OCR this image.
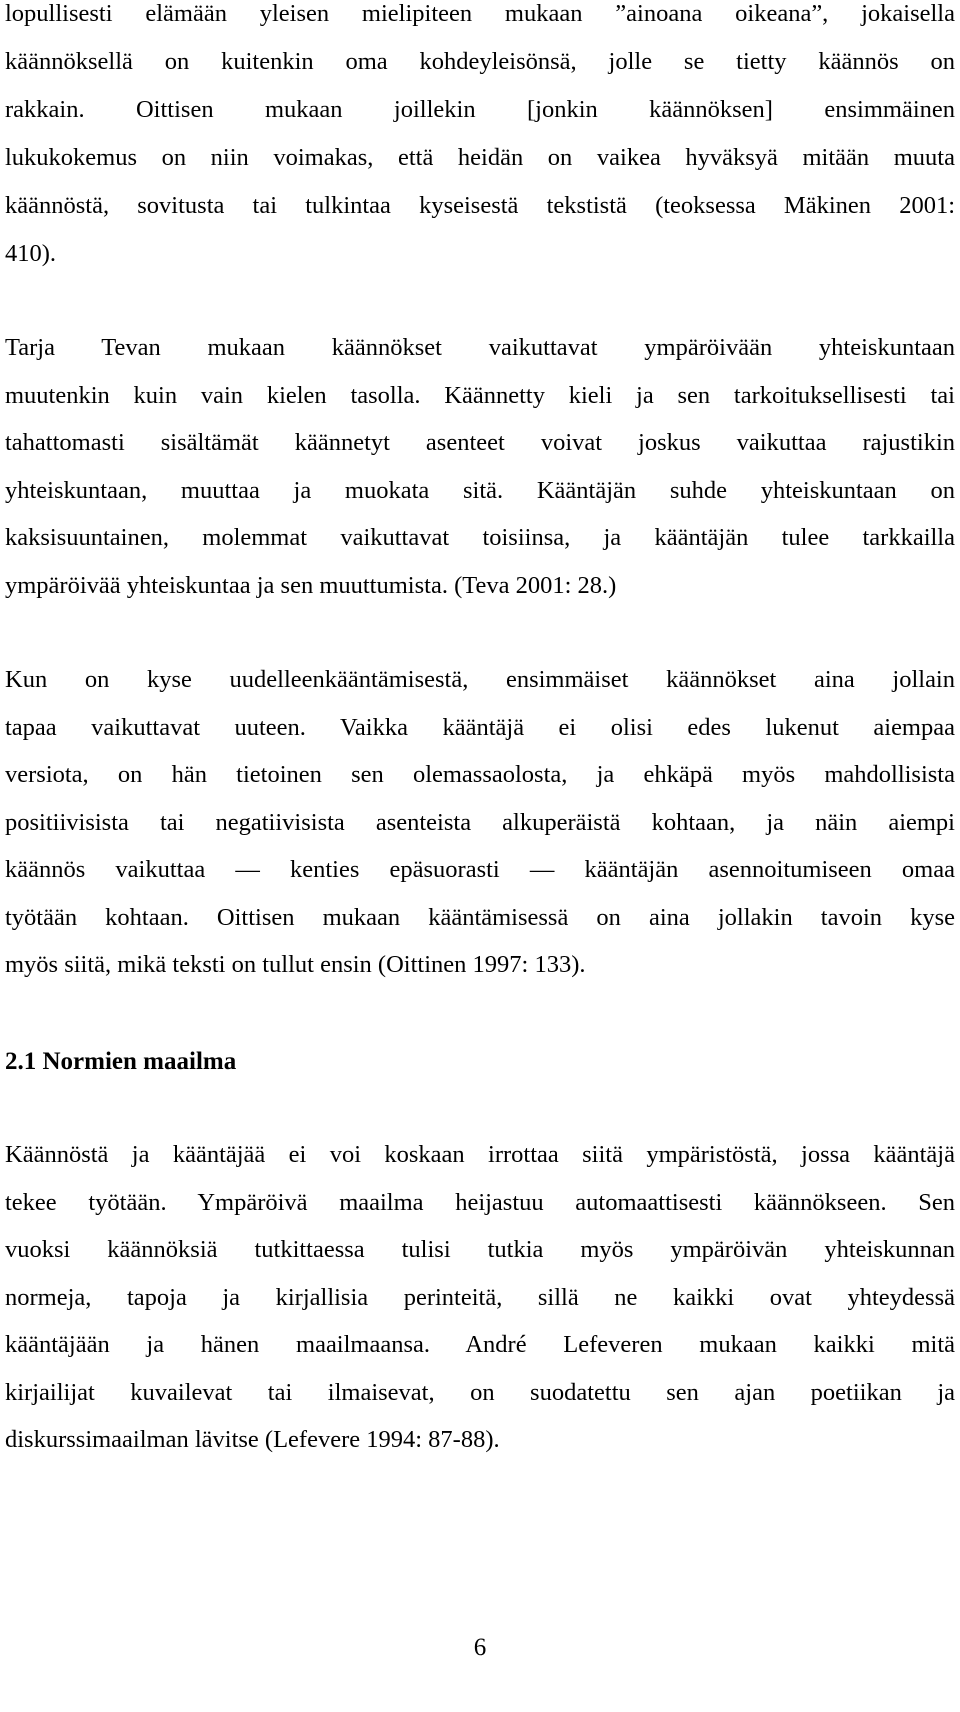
lopullisesti elämään yleisen mielipiteen mukaan ”ainoana oikeana”, jokaisella
käännöksellä on kuitenkin oma kohdeyleisönsä, jolle se tietty käännös on
rakkain. Oittisen mukaan joillekin [jonkin käännöksen] ensimmäinen
lukukokemus on niin voimakas, että heidän on vaikea hyväksyä mitään muuta
käännöstä, sovitusta tai tulkintaa kyseisestä tekstistä (teoksessa Mäkinen 2001:
410).

Tarja Tevan mukaan käännökset vaikuttavat ympäröivään yhteiskuntaan
muutenkin kuin vain kielen tasolla. Käännetty kieli ja sen tarkoituksellisesti tai
tahattomasti sisältämät käännetyt asenteet voivat joskus vaikuttaa rajustikin
yhteiskuntaan, muuttaa ja muokata sitä. Kääntäjän suhde yhteiskuntaan on
kaksisuuntainen, molemmat vaikuttavat toisiinsa, ja kääntäjän tulee tarkkailla
ympäröivää yhteiskuntaa ja sen muuttumista. (Teva 2001: 28.)

Kun on kyse uudelleenkääntämisestä, ensimmäiset käännökset aina jollain
tapaa vaikuttavat uuteen. Vaikka kääntäjä ei olisi edes lukenut aiempaa
versiota, on hän tietoinen sen olemassaolosta, ja ehkäpä myös mahdollisista
positiivisista tai negatiivisista asenteista alkuperäistä kohtaan, ja näin aiempi
käännös vaikuttaa — kenties epäsuorasti — kääntäjän asennoitumiseen omaa
työtään kohtaan. Oittisen mukaan kääntämisessä on aina jollakin tavoin kyse
myös siitä, mikä teksti on tullut ensin (Oittinen 1997: 133).

2.1 Normien maailma

Käännöstä ja kääntäjää ei voi koskaan irrottaa siitä ympäristöstä, jossa kääntäjä
tekee työtään. Ympäröivä maailma heijastuu automaattisesti käännökseen. Sen
vuoksi käännöksiä tutkittaessa tulisi tutkia myös ympäröivän yhteiskunnan
normeja, tapoja ja kirjallisia perinteitä, sillä ne kaikki ovat yhteydessä
kääntäjään ja hänen maailmaansa. André Lefeveren mukaan kaikki mitä
kirjailijat kuvailevat tai ilmaisevat, on suodatettu sen ajan poetiikan ja
diskurssimaailman lävitse (Lefevere 1994: 87-88).

6
